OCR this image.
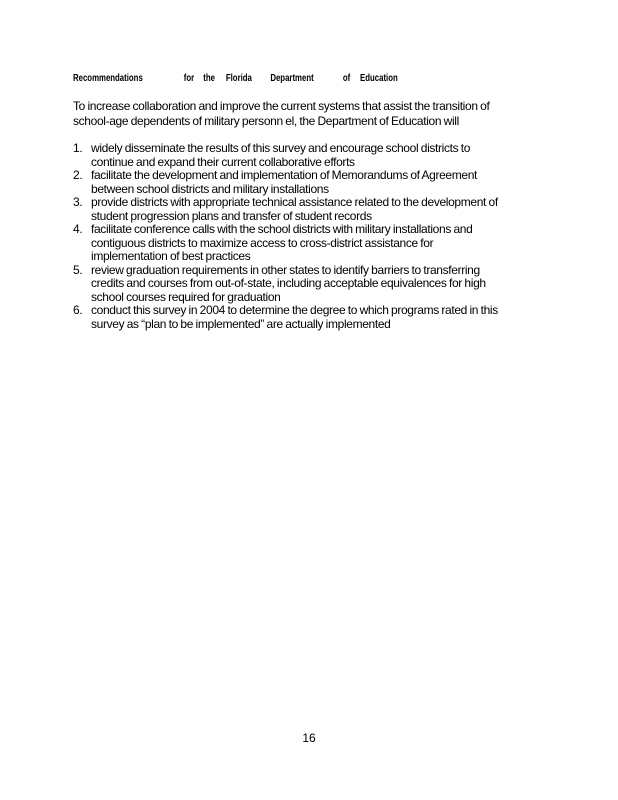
Recommendations	for the Florida Department	of Education
To increase collaboration and improve the current systems that assist the transition of
school-age dependents of military personn el, the Department of Education will
1. widely disseminate the results of this survey and encourage school districts to
continue and expand their current collaborative efforts
2. facilitate the development and implementation of Memorandums of Agreement
between school districts and military installations
3. provide districts with appropriate technical assistance related to the development of
student progression plans and transfer of student records
4. facilitate conference calls with the school districts with military installations and
contiguous districts to maximize access to cross-district assistance for
implementation of best practices
5. review graduation requirements in other states to identify barriers to transferring
credits and courses from out-of-state, including acceptable equivalences for high
school courses required for graduation
6. conduct this survey in 2004 to determine the degree to which programs rated in this
survey as “plan to be implemented” are actually implemented
16
